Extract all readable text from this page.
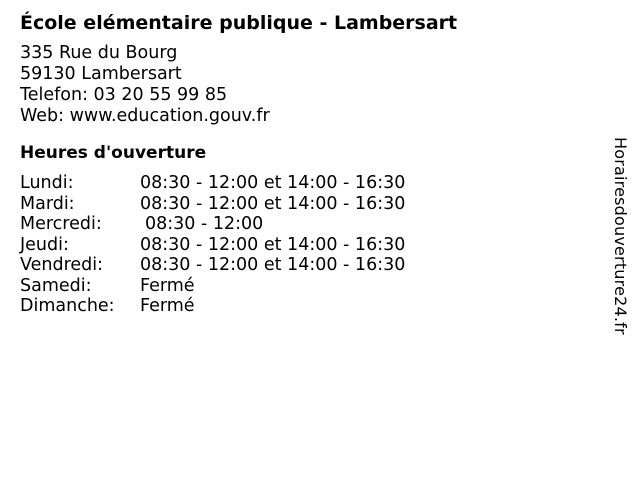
École elémentaire publique - Lambersart
335 Rue du Bourg
59130 Lambersart
Telefon: 03 20 55 99 85
Web: www.education.gouv.fr
Heures d'ouverture
Lundi:	08:30 - 12:00 et 14:00 - 16:30
Mardi:	08:30 - 12:00 et 14:00 - 16:30
Mercredi:	08:30 - 12:00
Jeudi:	08:30 - 12:00 et 14:00 - 16:30
Vendredi:	08:30 - 12:00 et 14:00 - 16:30
Samedi:	Fermé
Dimanche:	Fermé	Horairesdouverture24.fr
